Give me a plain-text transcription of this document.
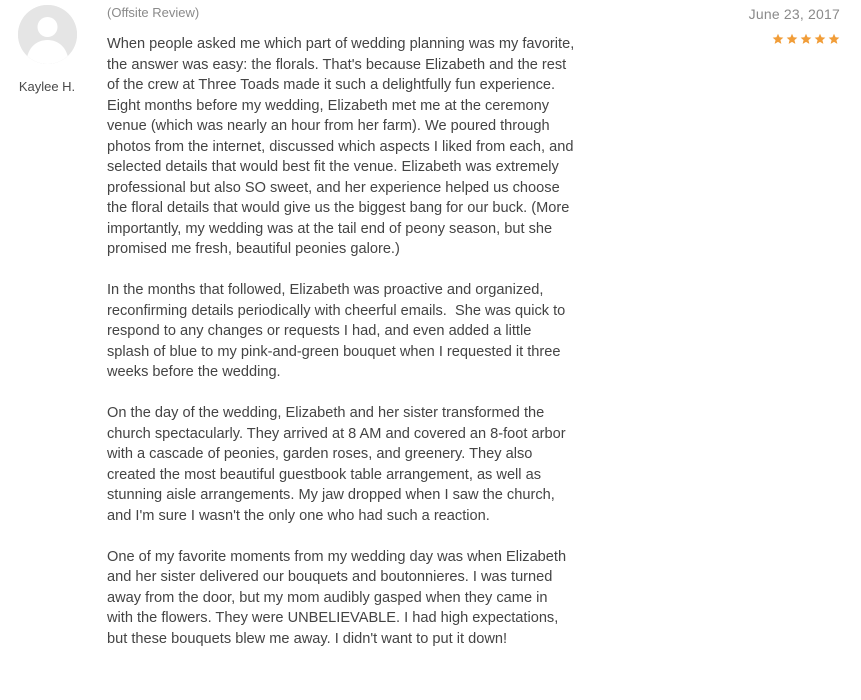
Kaylee H.
(Offsite Review)	June 23, 2017

When people asked me which part of wedding planning was my favorite, the answer was easy: the florals. That's because Elizabeth and the rest of the crew at Three Toads made it such a delightfully fun experience. Eight months before my wedding, Elizabeth met me at the ceremony venue (which was nearly an hour from her farm). We poured through photos from the internet, discussed which aspects I liked from each, and selected details that would best fit the venue. Elizabeth was extremely professional but also SO sweet, and her experience helped us choose the floral details that would give us the biggest bang for our buck. (More importantly, my wedding was at the tail end of peony season, but she promised me fresh, beautiful peonies galore.)

In the months that followed, Elizabeth was proactive and organized, reconfirming details periodically with cheerful emails.  She was quick to respond to any changes or requests I had, and even added a little splash of blue to my pink-and-green bouquet when I requested it three weeks before the wedding.

On the day of the wedding, Elizabeth and her sister transformed the church spectacularly. They arrived at 8 AM and covered an 8-foot arbor with a cascade of peonies, garden roses, and greenery. They also created the most beautiful guestbook table arrangement, as well as stunning aisle arrangements. My jaw dropped when I saw the church, and I'm sure I wasn't the only one who had such a reaction.

One of my favorite moments from my wedding day was when Elizabeth and her sister delivered our bouquets and boutonnieres. I was turned away from the door, but my mom audibly gasped when they came in with the flowers. They were UNBELIEVABLE. I had high expectations, but these bouquets blew me away. I didn't want to put it down!
